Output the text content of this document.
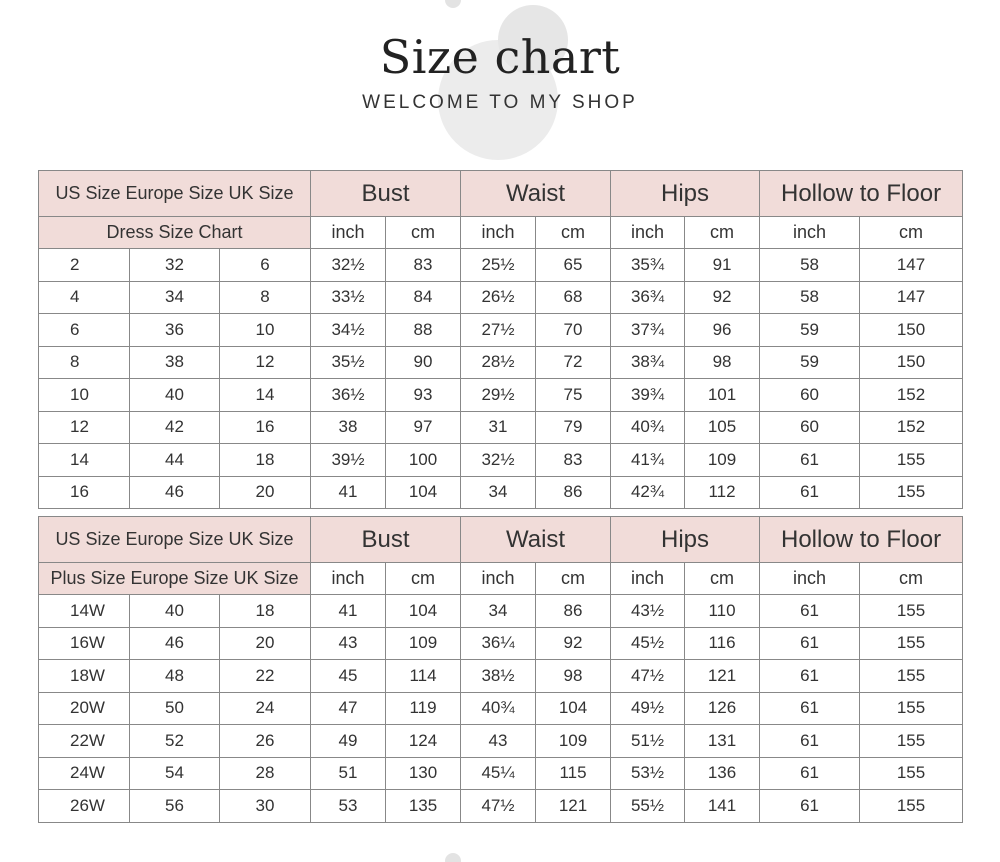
Size chart
WELCOME TO MY SHOP
US Size Europe Size UK Size			Bust		Waist		Hips		Hollow to Floor	
Dress Size Chart			inch	cm	inch	cm	inch	cm	inch	cm
2	32	6	32½	83	25½	65	35¾	91	58	147
4	34	8	33½	84	26½	68	36¾	92	58	147
6	36	10	34½	88	27½	70	37¾	96	59	150
8	38	12	35½	90	28½	72	38¾	98	59	150
10	40	14	36½	93	29½	75	39¾	101	60	152
12	42	16	38	97	31	79	40¾	105	60	152
14	44	18	39½	100	32½	83	41¾	109	61	155
16	46	20	41	104	34	86	42¾	112	61	155
US Size Europe Size UK Size			Bust		Waist		Hips		Hollow to Floor	
Plus Size Europe Size UK Size			inch	cm	inch	cm	inch	cm	inch	cm
14W	40	18	41	104	34	86	43½	110	61	155
16W	46	20	43	109	36¼	92	45½	116	61	155
18W	48	22	45	114	38½	98	47½	121	61	155
20W	50	24	47	119	40¾	104	49½	126	61	155
22W	52	26	49	124	43	109	51½	131	61	155
24W	54	28	51	130	45¼	115	53½	136	61	155
26W	56	30	53	135	47½	121	55½	141	61	155
